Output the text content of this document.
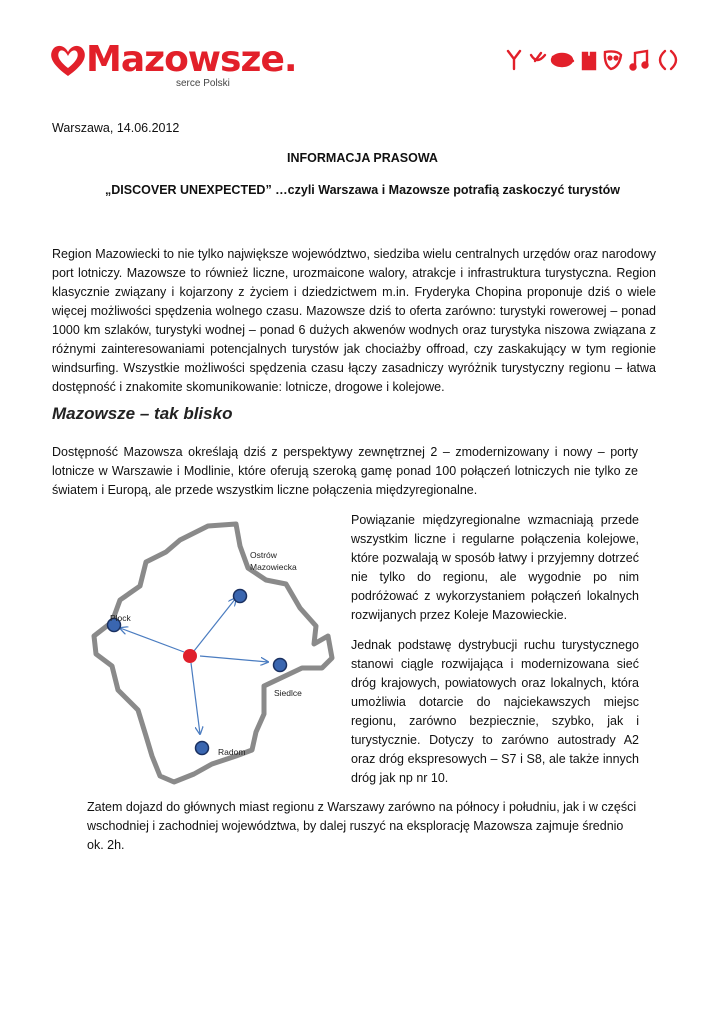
Mazowsze.
serce Polski
Warszawa, 14.06.2012
INFORMACJA PRASOWA
„DISCOVER UNEXPECTED” …czyli Warszawa i Mazowsze potrafią zaskoczyć turystów
Region Mazowiecki to nie tylko największe województwo, siedziba wielu centralnych urzędów oraz narodowy port lotniczy. Mazowsze to również liczne, urozmaicone walory, atrakcje i infrastruktura turystyczna. Region klasycznie związany i kojarzony z życiem i dziedzictwem m.in. Fryderyka Chopina proponuje dziś o wiele więcej możliwości spędzenia wolnego czasu. Mazowsze dziś to oferta zarówno: turystyki rowerowej – ponad 1000 km szlaków, turystyki wodnej – ponad 6 dużych akwenów wodnych oraz turystyka niszowa związana z różnymi zainteresowaniami potencjalnych turystów jak chociażby offroad, czy zaskakujący w tym regionie windsurfing. Wszystkie możliwości spędzenia czasu łączy zasadniczy wyróżnik turystyczny regionu – łatwa dostępność i znakomite skomunikowanie: lotnicze, drogowe i kolejowe.
Mazowsze – tak blisko
Dostępność Mazowsza określają dziś z perspektywy zewnętrznej 2 – zmodernizowany i nowy – porty lotnicze w Warszawie i Modlinie, które oferują szeroką gamę ponad 100 połączeń lotniczych nie tylko ze światem i Europą, ale przede wszystkim liczne połączenia międzyregionalne.
Powiązanie międzyregionalne wzmacniają przede wszystkim liczne i regularne połączenia kolejowe, które pozwalają w sposób łatwy i przyjemny dotrzeć nie tylko do regionu, ale wygodnie po nim podróżować z wykorzystaniem połączeń lokalnych rozwijanych przez Koleje Mazowieckie.
Jednak podstawę dystrybucji ruchu turystycznego stanowi ciągle rozwijająca i modernizowana sieć dróg krajowych, powiatowych oraz lokalnych, która umożliwia dotarcie do najciekawszych miejsc regionu, zarówno bezpiecznie, szybko, jak i turystycznie. Dotyczy to zarówno autostrady A2 oraz dróg ekspresowych – S7 i S8, ale także innych dróg jak np nr 10.
Zatem dojazd do głównych miast regionu z Warszawy zarówno na północy i południu, jak i w części wschodniej i zachodniej województwa, by dalej ruszyć na eksplorację Mazowsza zajmuje średnio ok. 2h.
Ostrów
Mazowiecka
Płock
Siedlce
Radom
